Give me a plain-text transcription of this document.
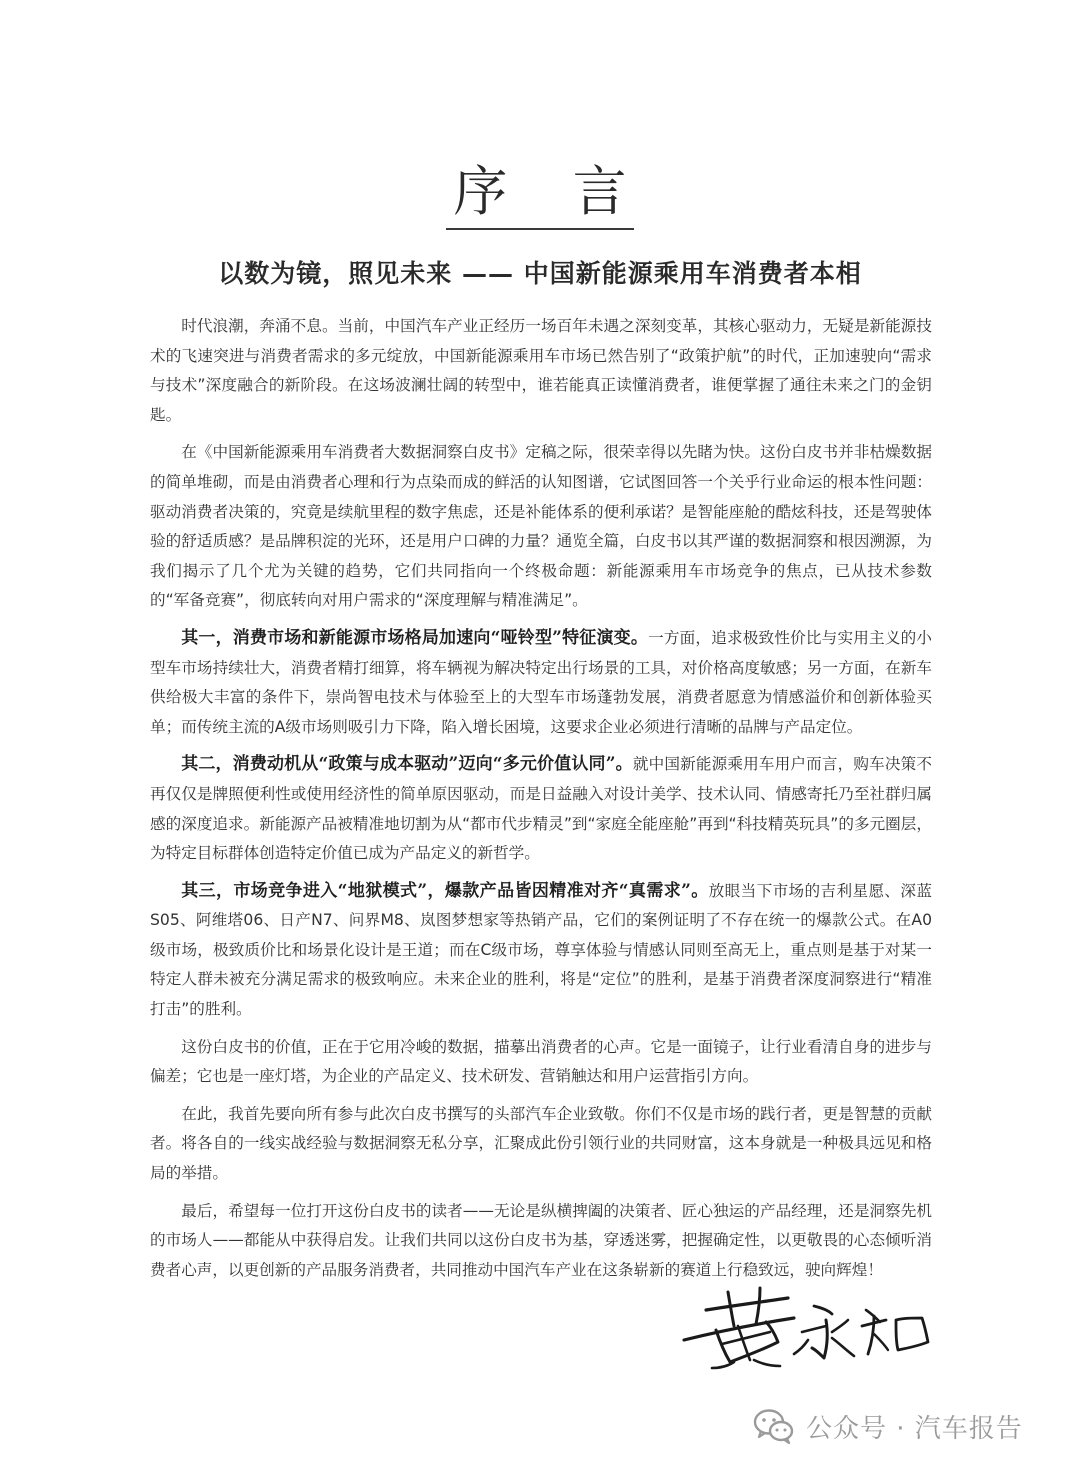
序 言
以数为镜，照见未来 —— 中国新能源乘用车消费者本相

时代浪潮，奔涌不息。当前，中国汽车产业正经历一场百年未遇之深刻变革，其核心驱动力，无疑是新能源技术的飞速突进与消费者需求的多元绽放，中国新能源乘用车市场已然告别了“政策护航”的时代，正加速驶向“需求与技术”深度融合的新阶段。在这场波澜壮阔的转型中，谁若能真正读懂消费者，谁便掌握了通往未来之门的金钥匙。

在《中国新能源乘用车消费者大数据洞察白皮书》定稿之际，很荣幸得以先睹为快。这份白皮书并非枯燥数据的简单堆砌，而是由消费者心理和行为点染而成的鲜活的认知图谱，它试图回答一个关乎行业命运的根本性问题：驱动消费者决策的，究竟是续航里程的数字焦虑，还是补能体系的便利承诺？是智能座舱的酷炫科技，还是驾驶体验的舒适质感？是品牌积淀的光环，还是用户口碑的力量？通览全篇，白皮书以其严谨的数据洞察和根因溯源，为我们揭示了几个尤为关键的趋势，它们共同指向一个终极命题：新能源乘用车市场竞争的焦点，已从技术参数的“军备竞赛”，彻底转向对用户需求的“深度理解与精准满足”。

其一，消费市场和新能源市场格局加速向“哑铃型”特征演变。一方面，追求极致性价比与实用主义的小型车市场持续壮大，消费者精打细算，将车辆视为解决特定出行场景的工具，对价格高度敏感；另一方面，在新车供给极大丰富的条件下，崇尚智电技术与体验至上的大型车市场蓬勃发展，消费者愿意为情感溢价和创新体验买单；而传统主流的A级市场则吸引力下降，陷入增长困境，这要求企业必须进行清晰的品牌与产品定位。

其二，消费动机从“政策与成本驱动”迈向“多元价值认同”。就中国新能源乘用车用户而言，购车决策不再仅仅是牌照便利性或使用经济性的简单原因驱动，而是日益融入对设计美学、技术认同、情感寄托乃至社群归属感的深度追求。新能源产品被精准地切割为从“都市代步精灵”到“家庭全能座舱”再到“科技精英玩具”的多元圈层，为特定目标群体创造特定价值已成为产品定义的新哲学。

其三，市场竞争进入“地狱模式”，爆款产品皆因精准对齐“真需求”。放眼当下市场的吉利星愿、深蓝S05、阿维塔06、日产N7、问界M8、岚图梦想家等热销产品，它们的案例证明了不存在统一的爆款公式。在A0级市场，极致质价比和场景化设计是王道；而在C级市场，尊享体验与情感认同则至高无上，重点则是基于对某一特定人群未被充分满足需求的极致响应。未来企业的胜利，将是“定位”的胜利，是基于消费者深度洞察进行“精准打击”的胜利。

这份白皮书的价值，正在于它用冷峻的数据，描摹出消费者的心声。它是一面镜子，让行业看清自身的进步与偏差；它也是一座灯塔，为企业的产品定义、技术研发、营销触达和用户运营指引方向。

在此，我首先要向所有参与此次白皮书撰写的头部汽车企业致敬。你们不仅是市场的践行者，更是智慧的贡献者。将各自的一线实战经验与数据洞察无私分享，汇聚成此份引领行业的共同财富，这本身就是一种极具远见和格局的举措。

最后，希望每一位打开这份白皮书的读者——无论是纵横捭阖的决策者、匠心独运的产品经理，还是洞察先机的市场人——都能从中获得启发。让我们共同以这份白皮书为基，穿透迷雾，把握确定性，以更敬畏的心态倾听消费者心声，以更创新的产品服务消费者，共同推动中国汽车产业在这条崭新的赛道上行稳致远，驶向辉煌！

公众号 · 汽车报告
